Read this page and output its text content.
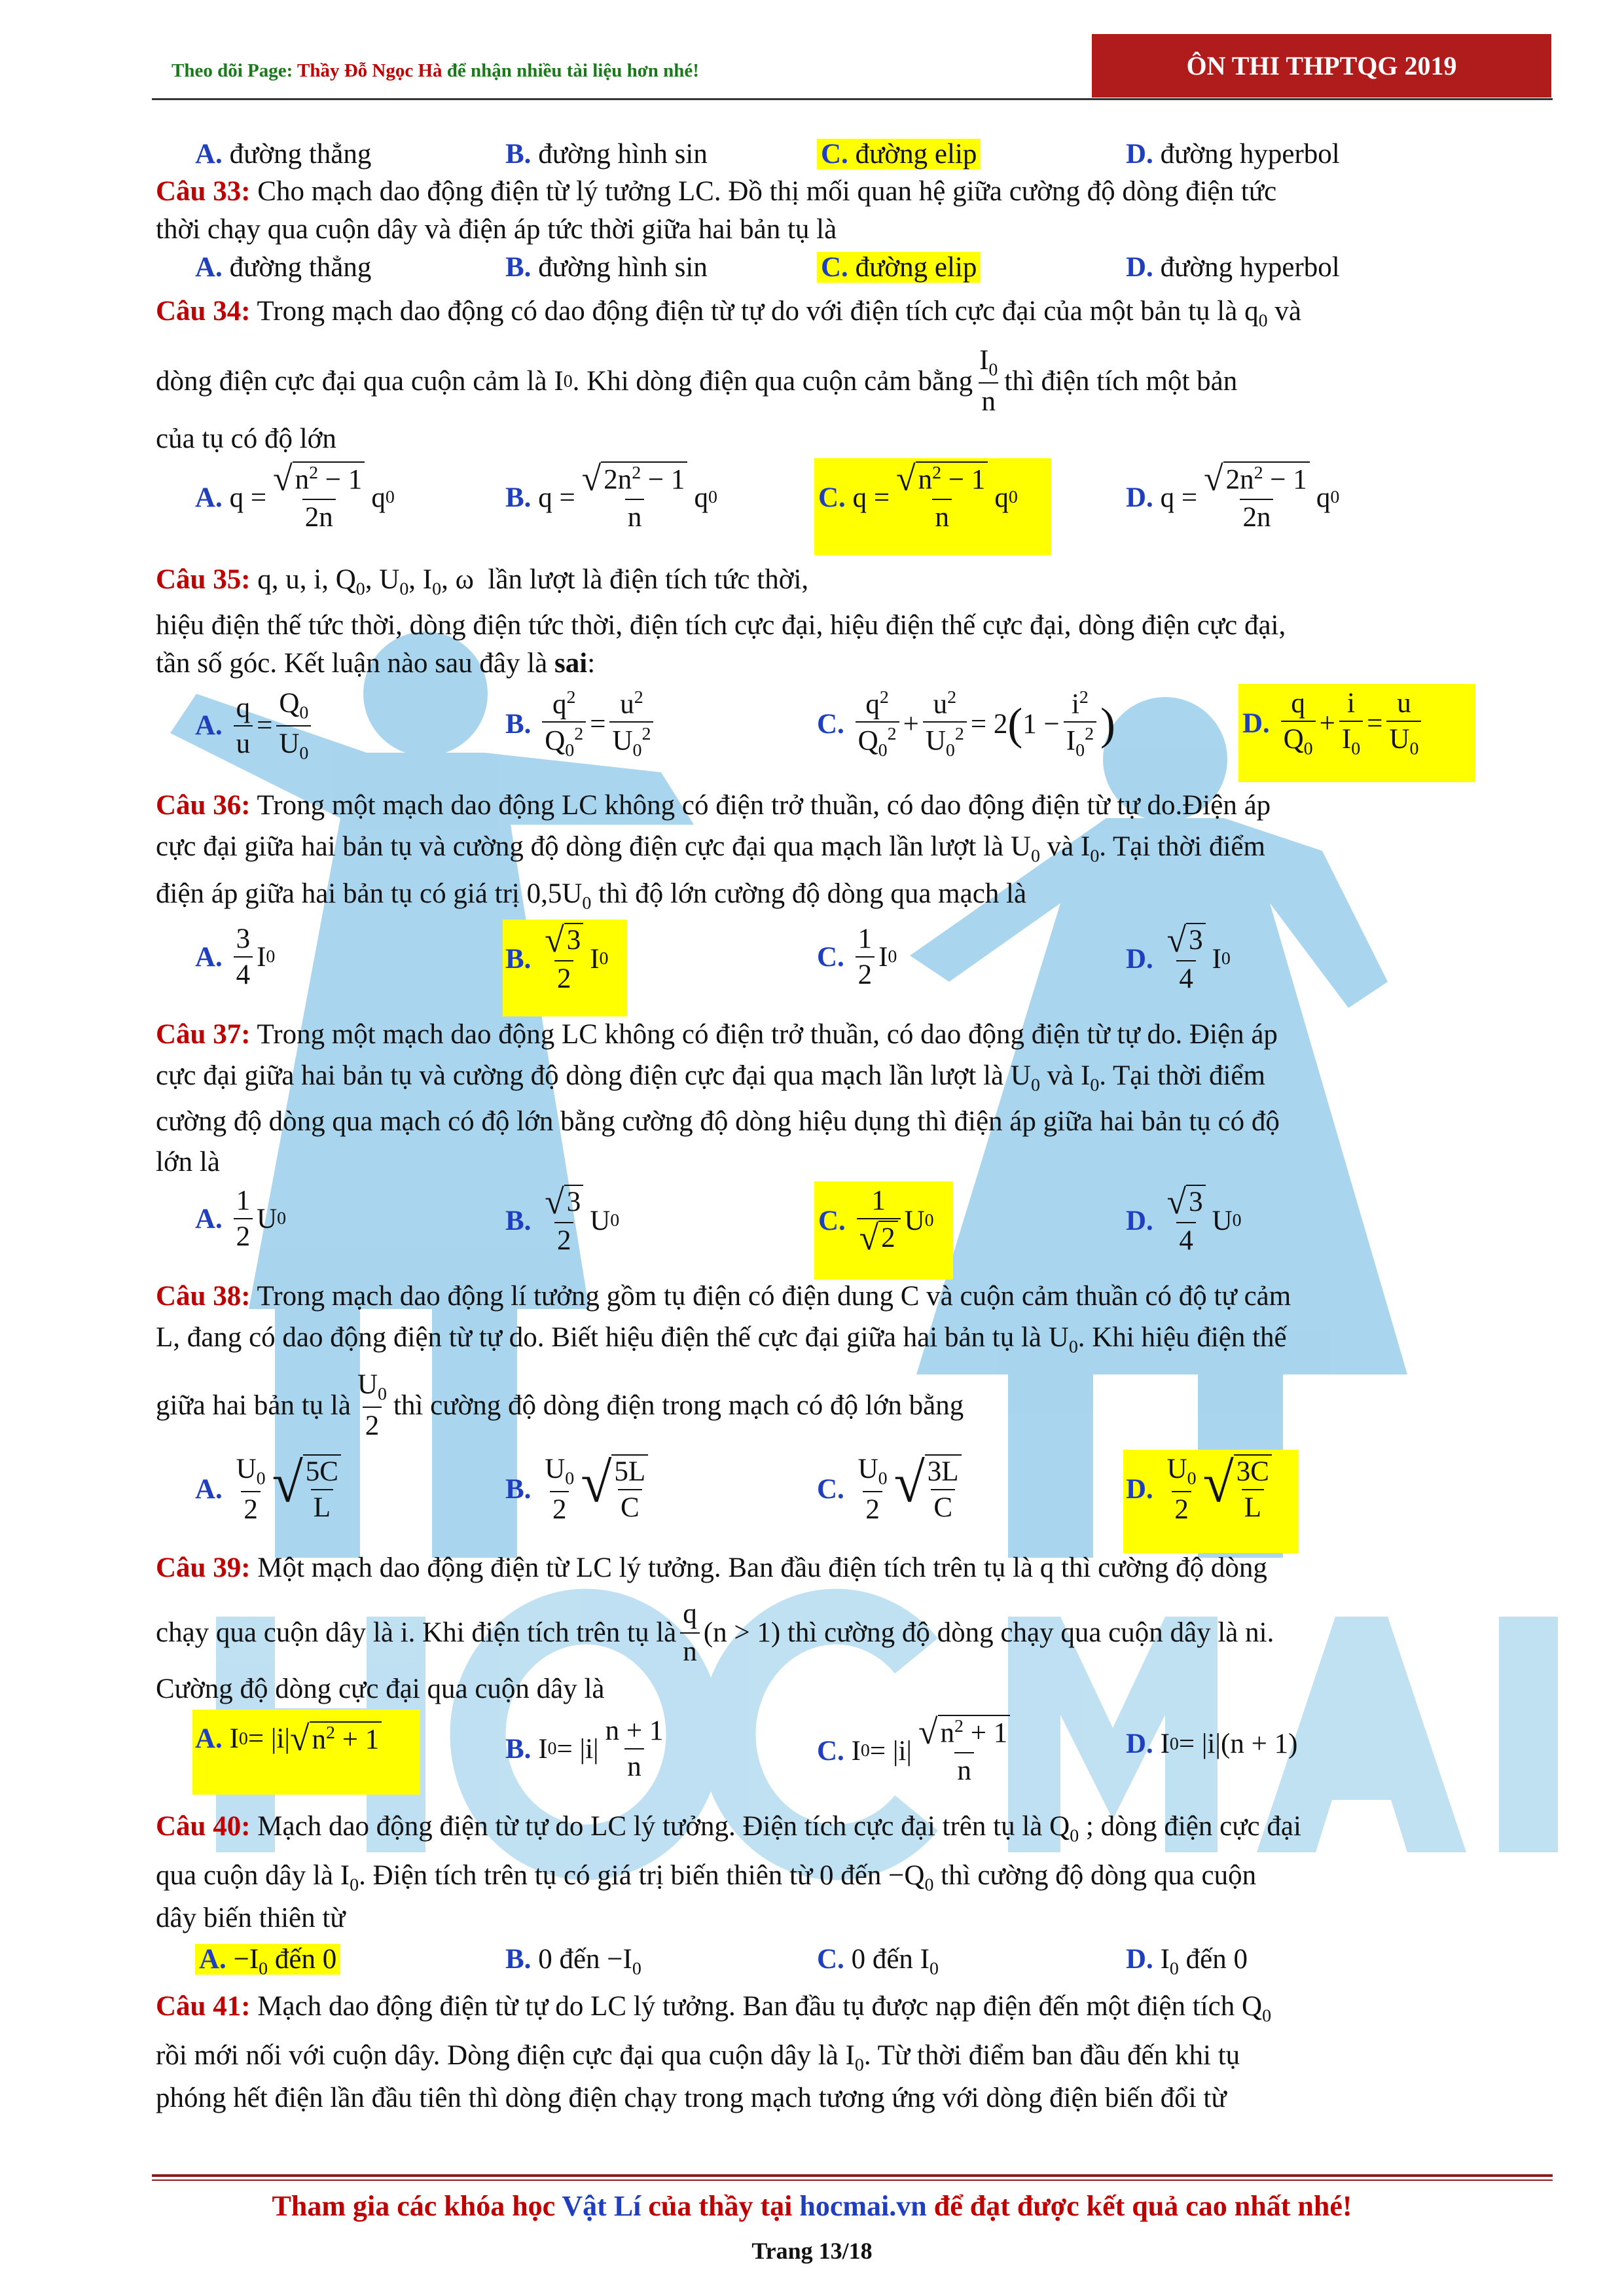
Theo dõi Page: Thầy Đỗ Ngọc Hà để nhận nhiều tài liệu hơn nhé!	ÔN THI THPTQG 2019
A. đường thẳng	B. đường hình sin	C. đường elip	D. đường hyperbol
Câu 33: Cho mạch dao động điện từ lý tưởng LC. Đồ thị mối quan hệ giữa cường độ dòng điện tức
thời chạy qua cuộn dây và điện áp tức thời giữa hai bản tụ là
A. đường thẳng	B. đường hình sin	C. đường elip	D. đường hyperbol
Câu 34: Trong mạch dao động có dao động điện từ tự do với điện tích cực đại của một bản tụ là $q_0$ và
dòng điện cực đại qua cuộn cảm là I 0 . Khi dòng điện qua cuộn cảm bằng $\frac{I_0}{n}$ thì điện tích một bản
của tụ có độ lớn
A. $q = \frac{√ n^2 - 1}{2n}$ q 0	B. $q = \frac{√ 2n^2 - 1}{n}$ q 0	C. $q = \frac{√ n^2 - 1}{n}$ q 0	D. $q = \frac{√ 2n^2 - 1}{2n}$ q 0
Câu 35: q, u, i, $Q_0$, $U_0$, $I_0$, ω  lần lượt là điện tích tức thời,
hiệu điện thế tức thời, dòng điện tức thời, điện tích cực đại, hiệu điện thế cực đại, dòng điện cực đại,
tần số góc. Kết luận nào sau đây là sai:
A.
$\frac{q}{u} = \frac{Q_0}{U_0}$	B.
$\frac{q^2}{Q_0^2} = \frac{u^2}{U_0^2}$	C.
$\frac{q^2}{Q_0^2} + \frac{u^2}{U_0^2} = 2$ ( $1 - \frac{i^2}{I_0^2}$ )	D.
$\frac{q}{Q_0} + \frac{i}{I_0} = \frac{u}{U_0}$
Câu 36: Trong một mạch dao động LC không có điện trở thuần, có dao động điện từ tự do.Điện áp
cực đại giữa hai bản tụ và cường độ dòng điện cực đại qua mạch lần lượt là $U_0$ và $I_0$. Tại thời điểm
điện áp giữa hai bản tụ có giá trị $0,5U_0$ thì độ lớn cường độ dòng qua mạch là
A.
$\frac{3}{4}$ I 0	B.
$\frac{√ 3}{2}$ I 0	C.
$\frac{1}{2}$ I 0	D.
$\frac{√ 3}{4}$ I 0
Câu 37: Trong một mạch dao động LC không có điện trở thuần, có dao động điện từ tự do. Điện áp
cực đại giữa hai bản tụ và cường độ dòng điện cực đại qua mạch lần lượt là $U_0$ và $I_0$. Tại thời điểm
cường độ dòng qua mạch có độ lớn bằng cường độ dòng hiệu dụng thì điện áp giữa hai bản tụ có độ
lớn là
A.
$\frac{1}{2}$ U 0	B.
$\frac{√ 3}{2}$ U 0	C.
$\frac{1}{√ 2}$ U 0	D.
$\frac{√ 3}{4}$ U 0
Câu 38: Trong mạch dao động lí tưởng gồm tụ điện có điện dung C và cuộn cảm thuần có độ tự cảm
L, đang có dao động điện từ tự do. Biết hiệu điện thế cực đại giữa hai bản tụ là $U_0$. Khi hiệu điện thế
giữa hai bản tụ là $\frac{U_0}{2}$ thì cường độ dòng điện trong mạch có độ lớn bằng
A.
$\frac{U_0}{2}$ √ $\frac{5C}{L}$	B.
$\frac{U_0}{2}$ √ $\frac{5L}{C}$	C.
$\frac{U_0}{2}$ √ $\frac{3L}{C}$	D.
$\frac{U_0}{2}$ √ $\frac{3C}{L}$
Câu 39: Một mạch dao động điện từ LC lý tưởng. Ban đầu điện tích trên tụ là q thì cường độ dòng
chạy qua cuộn dây là i. Khi điện tích trên tụ là $\frac{q}{n} (n > 1)$ thì cường độ dòng chạy qua cuộn dây là ni.
Cường độ dòng cực đại qua cuộn dây là
A. I 0 = |i| √ $n^2 + 1$	B. I $0 = |i| \frac{n + 1}{n}$	C. I $0 = |i| \frac{√ n^2 + 1}{n}$	D. I 0 = |i|(n + 1)
Câu 40: Mạch dao động điện từ tự do LC lý tưởng. Điện tích cực đại trên tụ là $Q_0$ ; dòng điện cực đại
qua cuộn dây là $I_0$. Điện tích trên tụ có giá trị biến thiên từ 0 đến $-Q_0$ thì cường độ dòng qua cuộn
dây biến thiên từ
A. $-I_0$ đến 0	B. 0 đến $-I_0$	C. 0 đến $I_0$	D. $I_0$ đến 0
Câu 41: Mạch dao động điện từ tự do LC lý tưởng. Ban đầu tụ được nạp điện đến một điện tích $Q_0$
rồi mới nối với cuộn dây. Dòng điện cực đại qua cuộn dây là $I_0$. Từ thời điểm ban đầu đến khi tụ
phóng hết điện lần đầu tiên thì dòng điện chạy trong mạch tương ứng với dòng điện biến đổi từ
Tham gia các khóa học Vật Lí của thầy tại hocmai.vn để đạt được kết quả cao nhất nhé!
Trang 13/18
